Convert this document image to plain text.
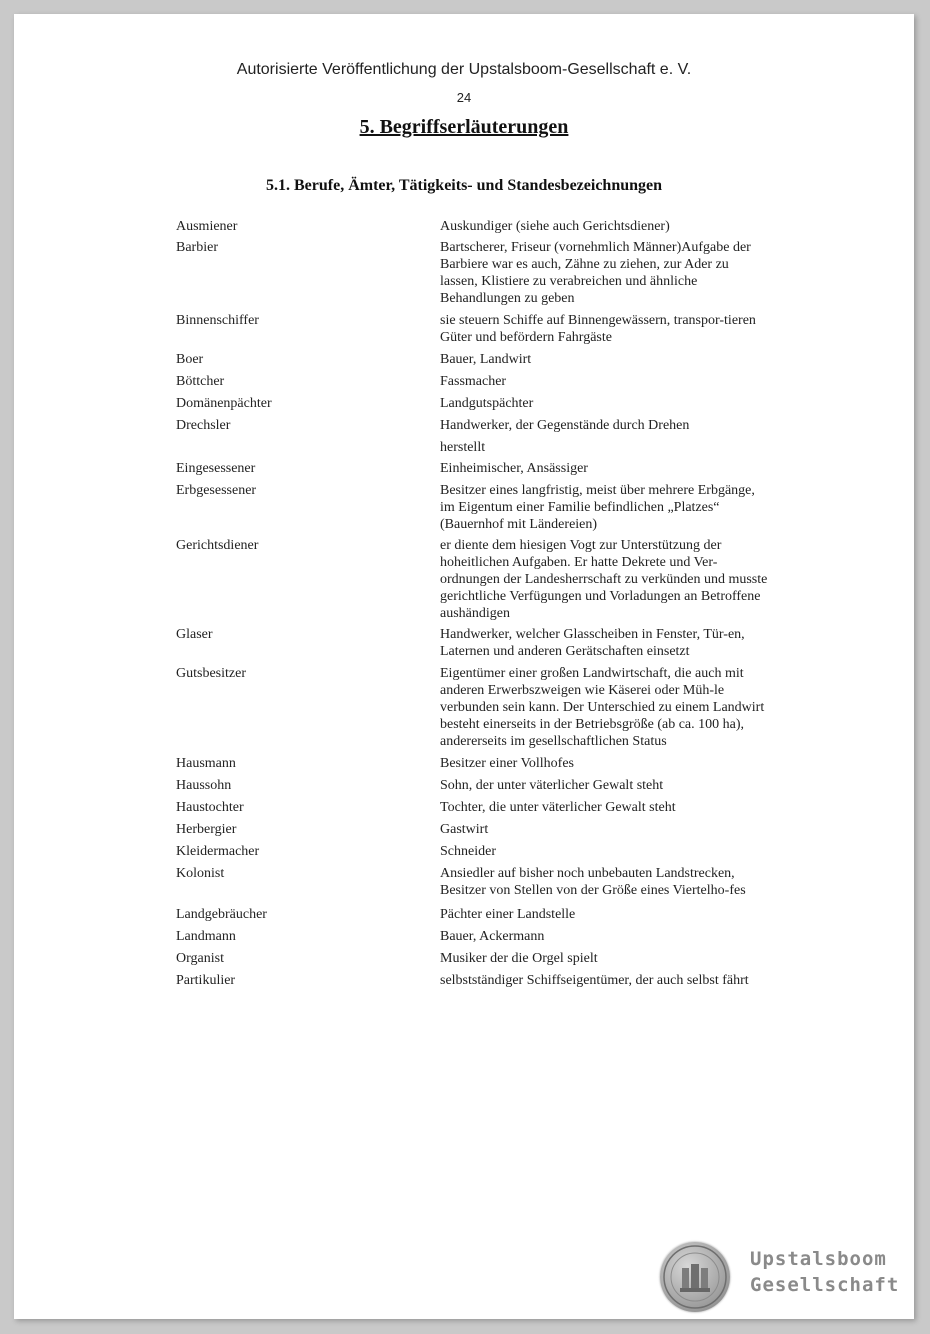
Autorisierte Veröffentlichung der Upstalsboom-Gesellschaft e. V.
24
5. Begriffserläuterungen
5.1. Berufe, Ämter, Tätigkeits- und Standesbezeichnungen
Ausmiener	Auskundiger (siehe auch Gerichtsdiener)
Barbier	Bartscherer, Friseur (vornehmlich Männer)Aufgabe der
Barbiere war es auch, Zähne zu ziehen, zur Ader zu
lassen, Klistiere zu verabreichen und ähnliche
Behandlungen zu geben
Binnenschiffer	sie steuern Schiffe auf Binnengewässern, transpor-tieren
Güter und befördern Fahrgäste
Boer	Bauer, Landwirt
Böttcher	Fassmacher
Domänenpächter	Landgutspächter
Drechsler	Handwerker, der Gegenstände durch Drehen
herstellt
Eingesessener	Einheimischer, Ansässiger
Erbgesessener	Besitzer eines langfristig, meist über mehrere Erbgänge,
im Eigentum einer Familie befindlichen „Platzes“
(Bauernhof mit Ländereien)
Gerichtsdiener	er diente dem hiesigen Vogt zur Unterstützung der
hoheitlichen Aufgaben. Er hatte Dekrete und Ver-
ordnungen der Landesherrschaft zu verkünden und musste
gerichtliche Verfügungen und Vorladungen an Betroffene
aushändigen
Glaser	Handwerker, welcher Glasscheiben in Fenster, Tür-en,
Laternen und anderen Gerätschaften einsetzt
Gutsbesitzer	Eigentümer einer großen Landwirtschaft, die auch mit
anderen Erwerbszweigen wie Käserei oder Müh-le
verbunden sein kann. Der Unterschied zu einem Landwirt
besteht einerseits in der Betriebsgröße (ab ca. 100 ha),
andererseits im gesellschaftlichen Status
Hausmann	Besitzer einer Vollhofes
Haussohn	Sohn, der unter väterlicher Gewalt steht
Haustochter	Tochter, die unter väterlicher Gewalt steht
Herbergier	Gastwirt
Kleidermacher	Schneider
Kolonist	Ansiedler auf bisher noch unbebauten Landstrecken,
Besitzer von Stellen von der Größe eines Viertelho-fes
Landgebräucher	Pächter einer Landstelle
Landmann	Bauer, Ackermann
Organist	Musiker der die Orgel spielt
Partikulier	selbstständiger Schiffseigentümer, der auch selbst fährt
Upstalsboom
Gesellschaft
